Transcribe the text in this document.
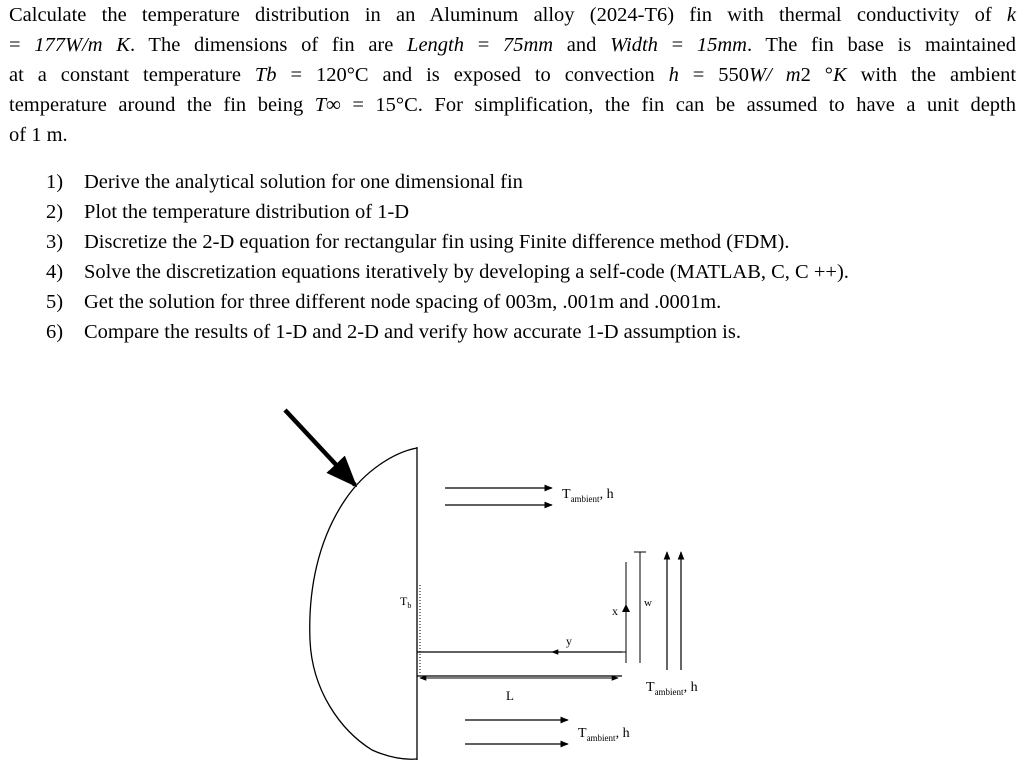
Calculate the temperature distribution in an Aluminum alloy (2024-T6) fin with thermal conductivity of k
= 177W/m K. The dimensions of fin are Length = 75mm and Width = 15mm. The fin base is maintained
at a constant temperature Tb = 120°C and is exposed to convection h = 550W/ m2 °K with the ambient
temperature around the fin being T∞ = 15°C. For simplification, the fin can be assumed to have a unit depth
of 1 m.
1) Derive the analytical solution for one dimensional fin
2) Plot the temperature distribution of 1-D
3) Discretize the 2-D equation for rectangular fin using Finite difference method (FDM).
4) Solve the discretization equations iteratively by developing a self-code (MATLAB, C, C ++).
5) Get the solution for three different node spacing of 003m, .001m and .0001m.
6) Compare the results of 1-D and 2-D and verify how accurate 1-D assumption is.
$T_{ambient}$, h
$T_{ambient}$, h
$T_{ambient}$, h
$T_b$	x
y
w
L
